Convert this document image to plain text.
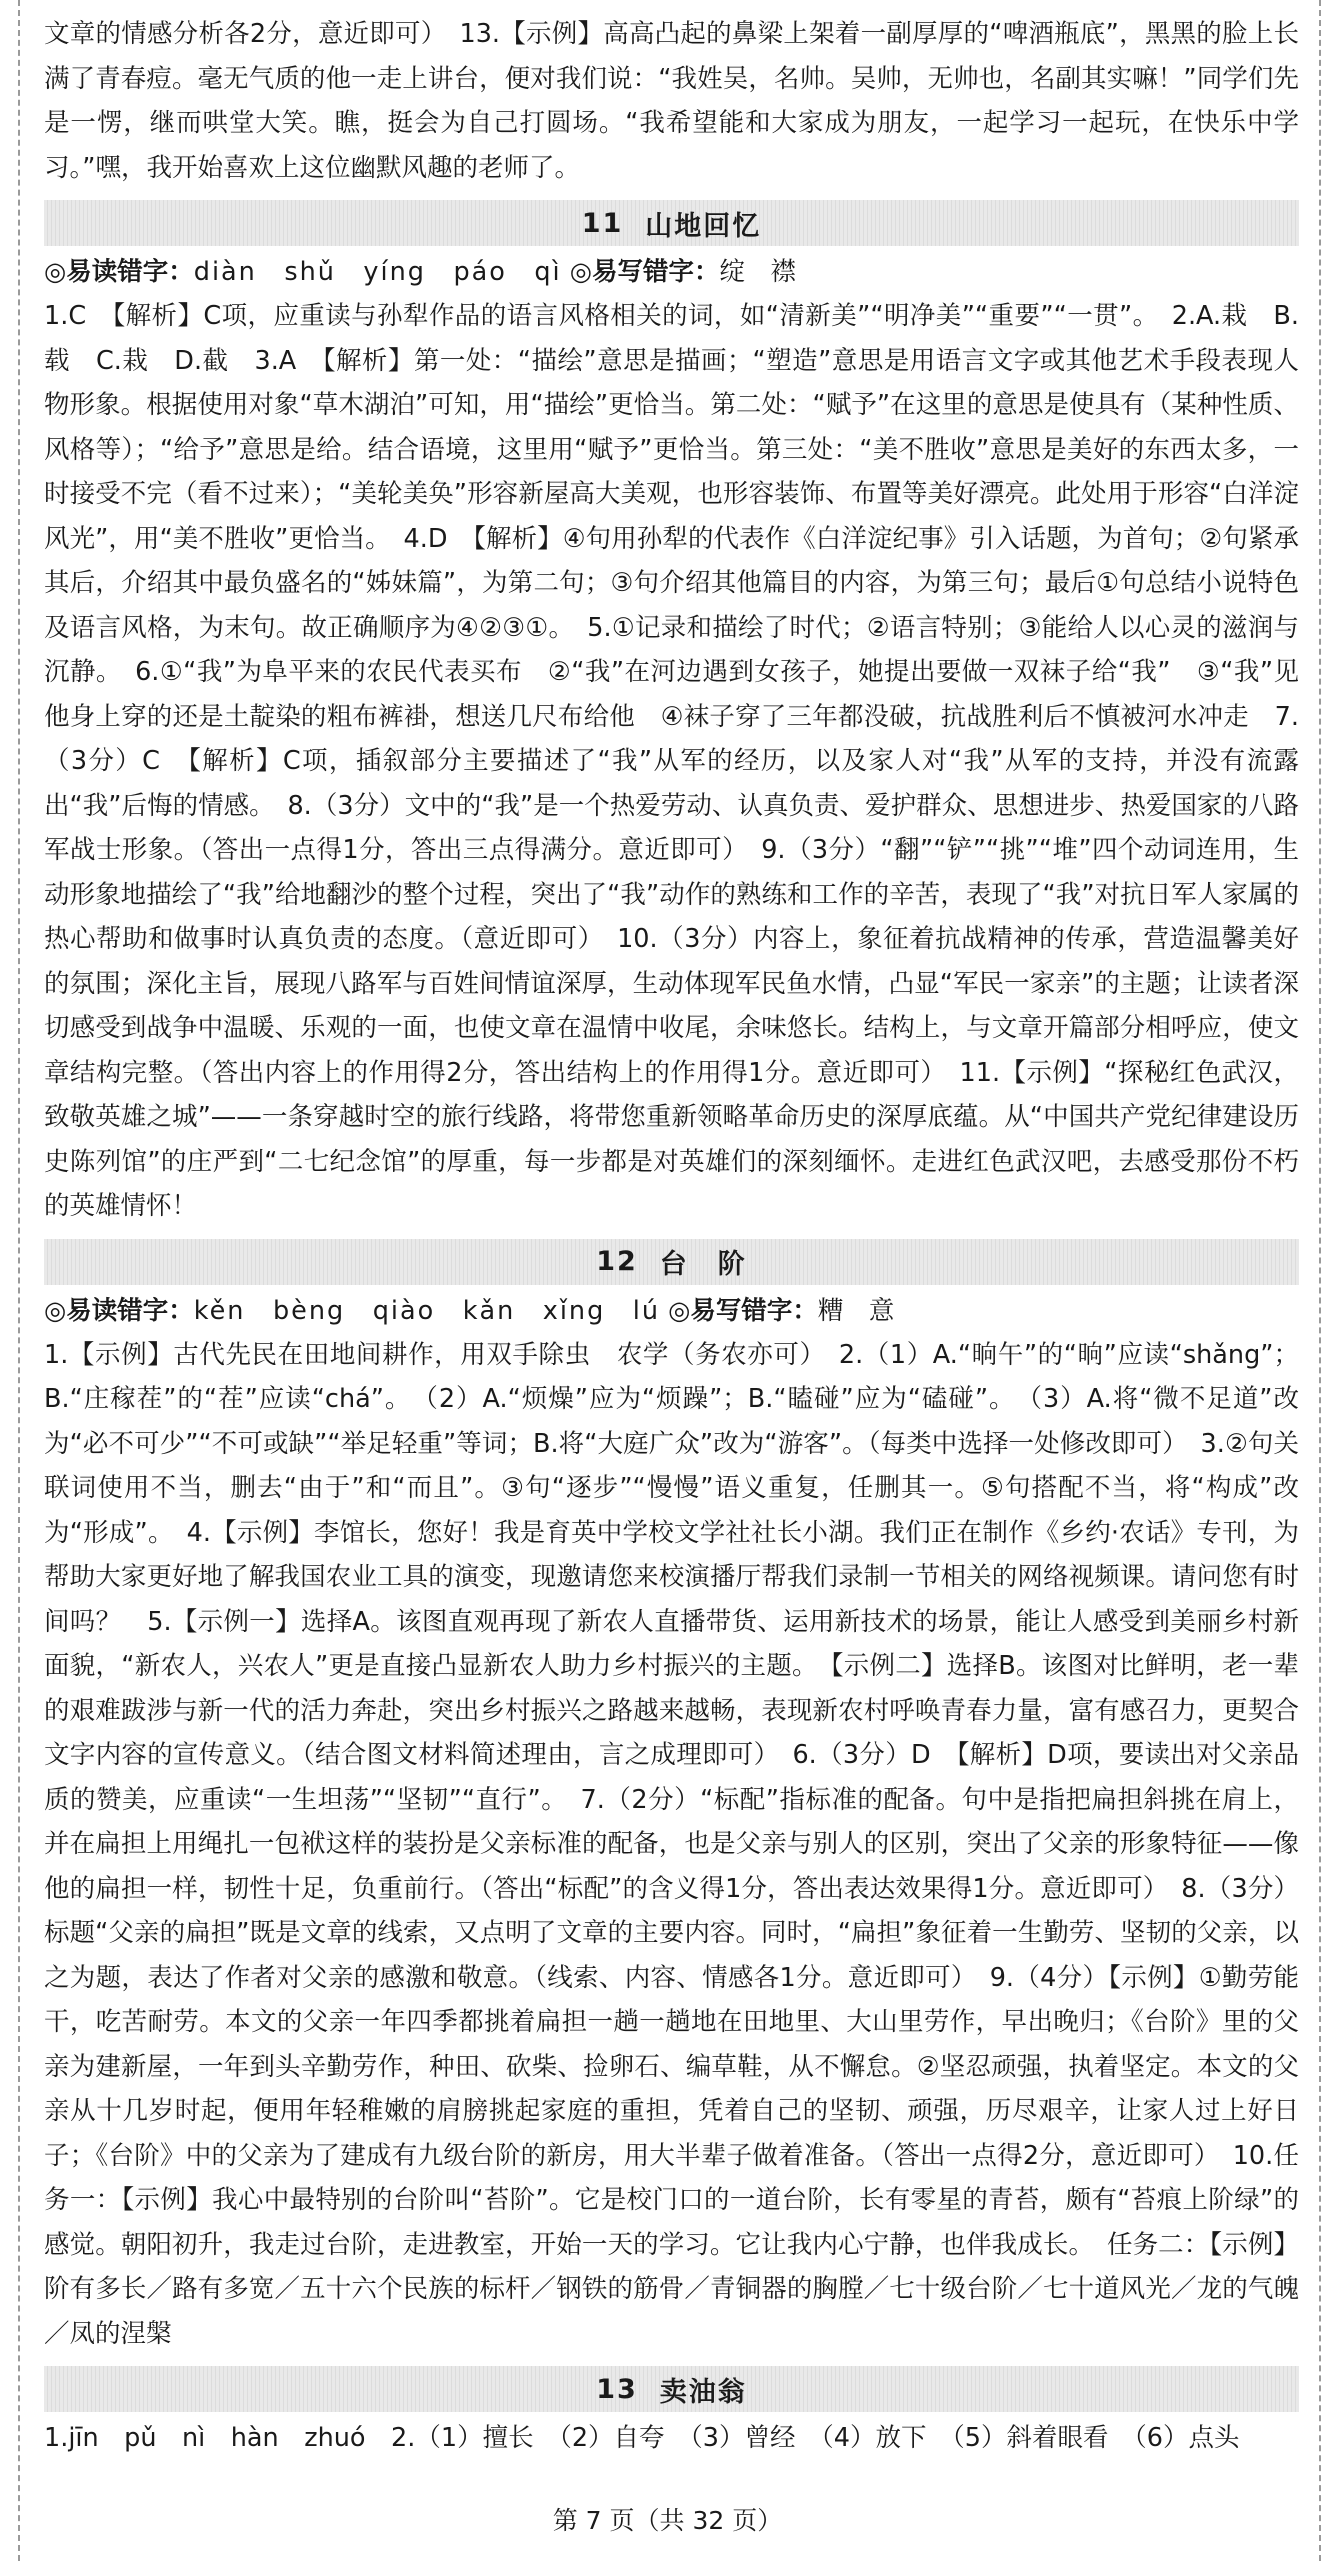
文章的情感分析各2分，意近即可）　13.【示例】高高凸起的鼻梁上架着一副厚厚的“啤酒瓶底”，黑黑的脸上长满了青春痘。毫无气质的他一走上讲台，便对我们说：“我姓吴，名帅。吴帅，无帅也，名副其实嘛！”同学们先是一愣，继而哄堂大笑。瞧，挺会为自己打圆场。“我希望能和大家成为朋友，一起学习一起玩，在快乐中学习。”嘿，我开始喜欢上这位幽默风趣的老师了。

11 山地回忆
◎易读错字：diàn　shǔ　yíng　páo　qì ◎易写错字：绽　襟

1.C　【解析】C项，应重读与孙犁作品的语言风格相关的词，如“清新美”“明净美”“重要”“一贯”。　2.A.栽　B.载　C.栽　D.截　3.A　【解析】第一处：“描绘”意思是描画；“塑造”意思是用语言文字或其他艺术手段表现人物形象。根据使用对象“草木湖泊”可知，用“描绘”更恰当。第二处：“赋予”在这里的意思是使具有（某种性质、风格等）；“给予”意思是给。结合语境，这里用“赋予”更恰当。第三处：“美不胜收”意思是美好的东西太多，一时接受不完（看不过来）；“美轮美奂”形容新屋高大美观，也形容装饰、布置等美好漂亮。此处用于形容“白洋淀风光”，用“美不胜收”更恰当。　4.D　【解析】④句用孙犁的代表作《白洋淀纪事》引入话题，为首句；②句紧承其后，介绍其中最负盛名的“姊妹篇”，为第二句；③句介绍其他篇目的内容，为第三句；最后①句总结小说特色及语言风格，为末句。故正确顺序为④②③①。　5.①记录和描绘了时代；②语言特别；③能给人以心灵的滋润与沉静。　6.①“我”为阜平来的农民代表买布　②“我”在河边遇到女孩子，她提出要做一双袜子给“我”　③“我”见他身上穿的还是土靛染的粗布裤褂，想送几尺布给他　④袜子穿了三年都没破，抗战胜利后不慎被河水冲走　7.（3分）C　【解析】C项，插叙部分主要描述了“我”从军的经历，以及家人对“我”从军的支持，并没有流露出“我”后悔的情感。　8.（3分）文中的“我”是一个热爱劳动、认真负责、爱护群众、思想进步、热爱国家的八路军战士形象。（答出一点得1分，答出三点得满分。意近即可）　9.（3分）“翻”“铲”“挑”“堆”四个动词连用，生动形象地描绘了“我”给地翻沙的整个过程，突出了“我”动作的熟练和工作的辛苦，表现了“我”对抗日军人家属的热心帮助和做事时认真负责的态度。（意近即可）　10.（3分）内容上，象征着抗战精神的传承，营造温馨美好的氛围；深化主旨，展现八路军与百姓间情谊深厚，生动体现军民鱼水情，凸显“军民一家亲”的主题；让读者深切感受到战争中温暖、乐观的一面，也使文章在温情中收尾，余味悠长。结构上，与文章开篇部分相呼应，使文章结构完整。（答出内容上的作用得2分，答出结构上的作用得1分。意近即可）　11.【示例】“探秘红色武汉，致敬英雄之城”——一条穿越时空的旅行线路，将带您重新领略革命历史的深厚底蕴。从“中国共产党纪律建设历史陈列馆”的庄严到“二七纪念馆”的厚重，每一步都是对英雄们的深刻缅怀。走进红色武汉吧，去感受那份不朽的英雄情怀！

12 台　阶
◎易读错字：kěn　bèng　qiào　kǎn　xǐng　lú ◎易写错字：糟　意

1.【示例】古代先民在田地间耕作，用双手除虫　农学（务农亦可）　2.（1）A.“晌午”的“晌”应读“shǎng”；B.“庄稼茬”的“茬”应读“chá”。　（2）A.“烦燥”应为“烦躁”；B.“瞌碰”应为“磕碰”。　（3）A.将“微不足道”改为“必不可少”“不可或缺”“举足轻重”等词；B.将“大庭广众”改为“游客”。（每类中选择一处修改即可）　3.②句关联词使用不当，删去“由于”和“而且”。③句“逐步”“慢慢”语义重复，任删其一。⑤句搭配不当，将“构成”改为“形成”。　4.【示例】李馆长，您好！我是育英中学校文学社社长小湖。我们正在制作《乡约·农话》专刊，为帮助大家更好地了解我国农业工具的演变，现邀请您来校演播厅帮我们录制一节相关的网络视频课。请问您有时间吗？　5.【示例一】选择A。该图直观再现了新农人直播带货、运用新技术的场景，能让人感受到美丽乡村新面貌，“新农人，兴农人”更是直接凸显新农人助力乡村振兴的主题。　【示例二】选择B。该图对比鲜明，老一辈的艰难跋涉与新一代的活力奔赴，突出乡村振兴之路越来越畅，表现新农村呼唤青春力量，富有感召力，更契合文字内容的宣传意义。（结合图文材料简述理由，言之成理即可）　6.（3分）D　【解析】D项，要读出对父亲品质的赞美，应重读“一生坦荡”“坚韧”“直行”。　7.（2分）“标配”指标准的配备。句中是指把扁担斜挑在肩上，并在扁担上用绳扎一包袱这样的装扮是父亲标准的配备，也是父亲与别人的区别，突出了父亲的形象特征——像他的扁担一样，韧性十足，负重前行。（答出“标配”的含义得1分，答出表达效果得1分。意近即可）　8.（3分）标题“父亲的扁担”既是文章的线索，又点明了文章的主要内容。同时，“扁担”象征着一生勤劳、坚韧的父亲，以之为题，表达了作者对父亲的感激和敬意。（线索、内容、情感各1分。意近即可）　9.（4分）【示例】①勤劳能干，吃苦耐劳。本文的父亲一年四季都挑着扁担一趟一趟地在田地里、大山里劳作，早出晚归；《台阶》里的父亲为建新屋，一年到头辛勤劳作，种田、砍柴、捡卵石、编草鞋，从不懈怠。②坚忍顽强，执着坚定。本文的父亲从十几岁时起，便用年轻稚嫩的肩膀挑起家庭的重担，凭着自己的坚韧、顽强，历尽艰辛，让家人过上好日子；《台阶》中的父亲为了建成有九级台阶的新房，用大半辈子做着准备。（答出一点得2分，意近即可）　10.任务一：【示例】我心中最特别的台阶叫“苔阶”。它是校门口的一道台阶，长有零星的青苔，颇有“苔痕上阶绿”的感觉。朝阳初升，我走过台阶，走进教室，开始一天的学习。它让我内心宁静，也伴我成长。　任务二：【示例】阶有多长／路有多宽／五十六个民族的标杆／钢铁的筋骨／青铜器的胸膛／七十级台阶／七十道风光／龙的气魄／凤的涅槃

13 卖油翁

1.jīn　pǔ　nì　hàn　zhuó　2.（1）擅长　（2）自夸　（3）曾经　（4）放下　（5）斜着眼看　（6）点头

第 7 页（共 32 页）
